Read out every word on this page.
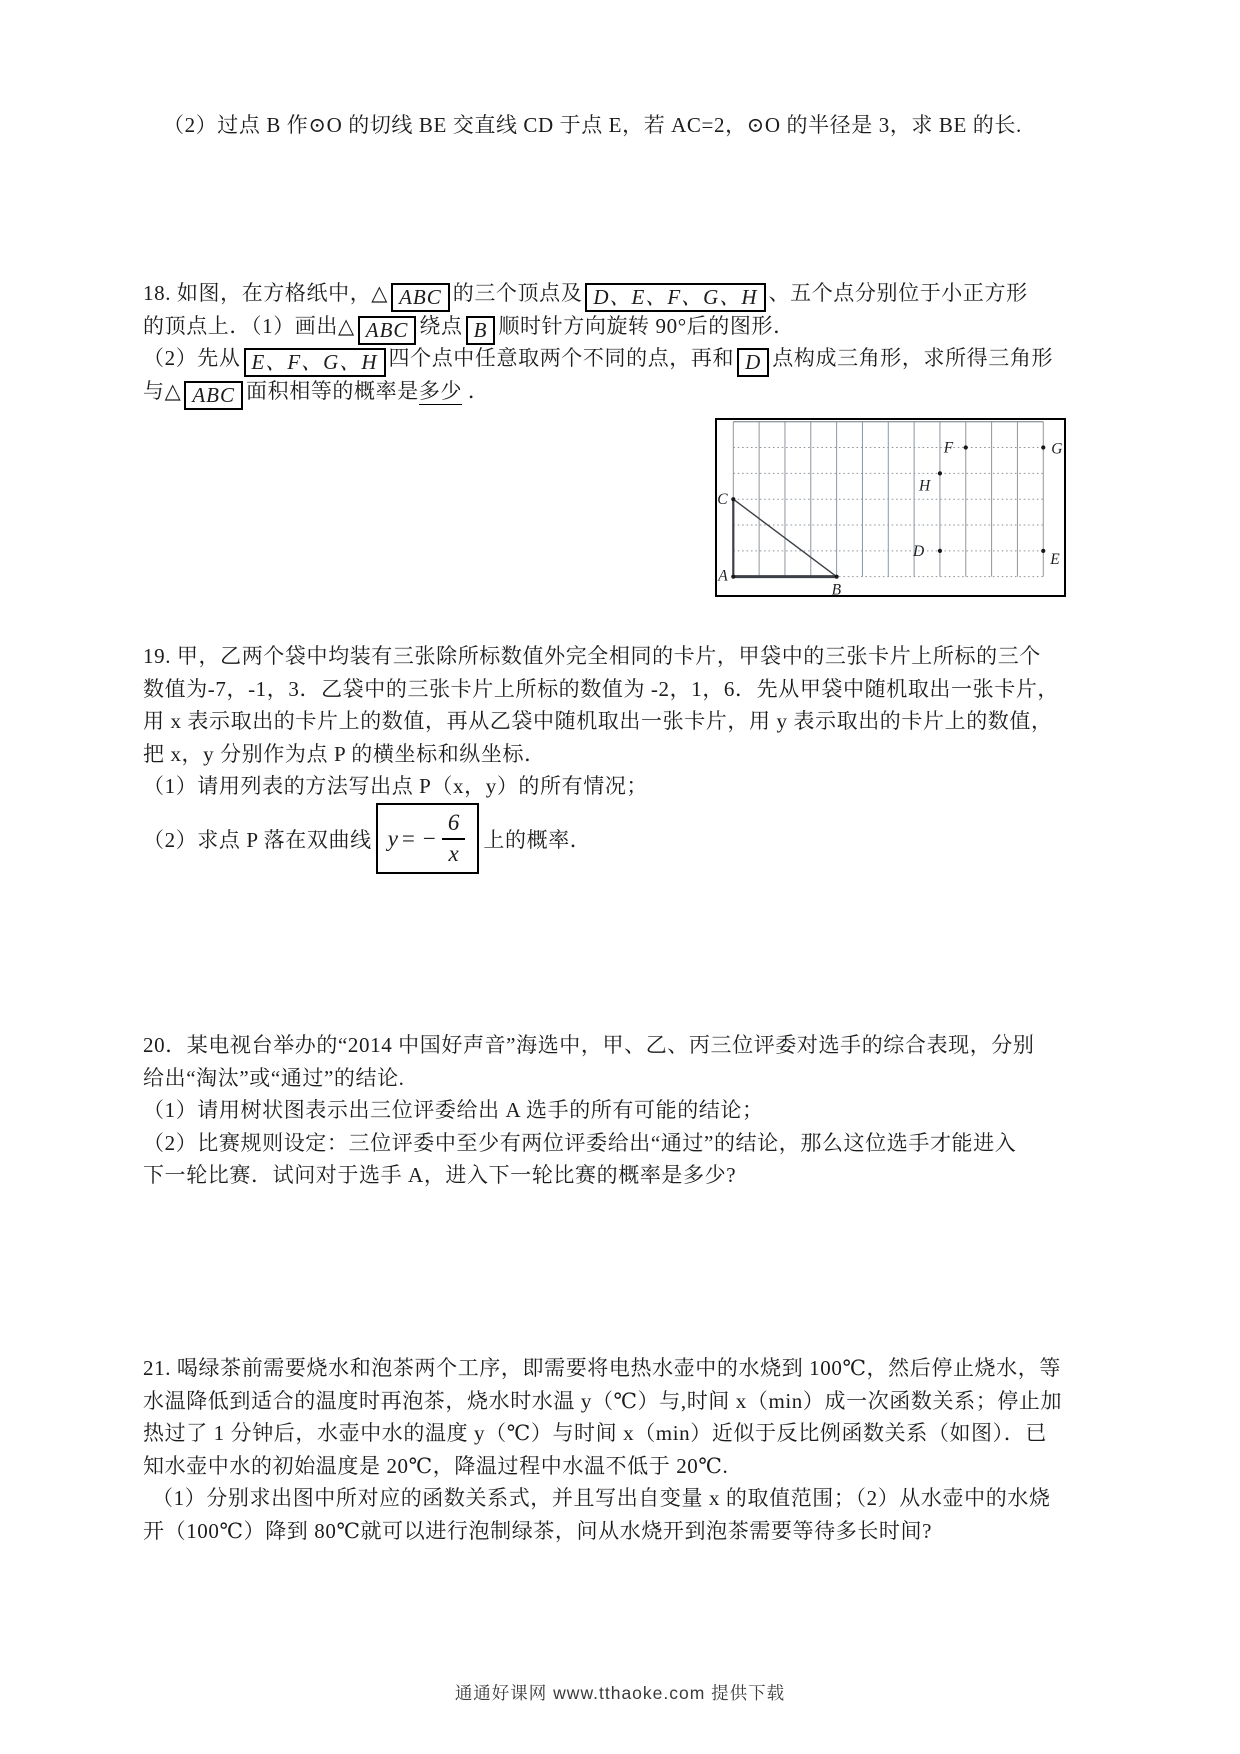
（2）过点 B 作⊙O 的切线 BE 交直线 CD 于点 E，若 AC=2，⊙O 的半径是 3，求 BE 的长.
18. 如图，在方格纸中，△ ABC 的三个顶点及 D、E、F、G、H 、五个点分别位于小正方形
的顶点上．（1）画出△ ABC 绕点 B 顺时针方向旋转 90°后的图形．
（2）先从 E、F、G、H 四个点中任意取两个不同的点，再和 D 点构成三角形，求所得三角形
与△ ABC 面积相等的概率是多少 ．
A
B
C
D	E
F	G
H
19. 甲，乙两个袋中均装有三张除所标数值外完全相同的卡片，甲袋中的三张卡片上所标的三个
数值为-7，-1，3．乙袋中的三张卡片上所标的数值为 -2，1，6．先从甲袋中随机取出一张卡片，
用 x 表示取出的卡片上的数值，再从乙袋中随机取出一张卡片，用 y 表示取出的卡片上的数值，
把 x，y 分别作为点 P 的横坐标和纵坐标．
（1）请用列表的方法写出点 P（x，y）的所有情况；
（2）求点 P 落在双曲线 y = − $\frac{6}{x}$ 上的概率．
20．某电视台举办的“2014 中国好声音”海选中，甲、乙、丙三位评委对选手的综合表现，分别
给出“淘汰”或“通过”的结论.
（1）请用树状图表示出三位评委给出 A 选手的所有可能的结论；
（2）比赛规则设定：三位评委中至少有两位评委给出“通过”的结论，那么这位选手才能进入
下一轮比赛．试问对于选手 A，进入下一轮比赛的概率是多少?
21. 喝绿茶前需要烧水和泡茶两个工序，即需要将电热水壶中的水烧到 100℃，然后停止烧水，等
水温降低到适合的温度时再泡茶，烧水时水温 y（℃）与,时间 x（min）成一次函数关系；停止加
热过了 1 分钟后，水壶中水的温度 y（℃）与时间 x（min）近似于反比例函数关系（如图）．已
知水壶中水的初始温度是 20℃，降温过程中水温不低于 20℃.
（1）分别求出图中所对应的函数关系式，并且写出自变量 x 的取值范围；（2）从水壶中的水烧
开（100℃）降到 80℃就可以进行泡制绿茶，问从水烧开到泡茶需要等待多长时间?
通通好课网 www.tthaoke.com 提供下载
